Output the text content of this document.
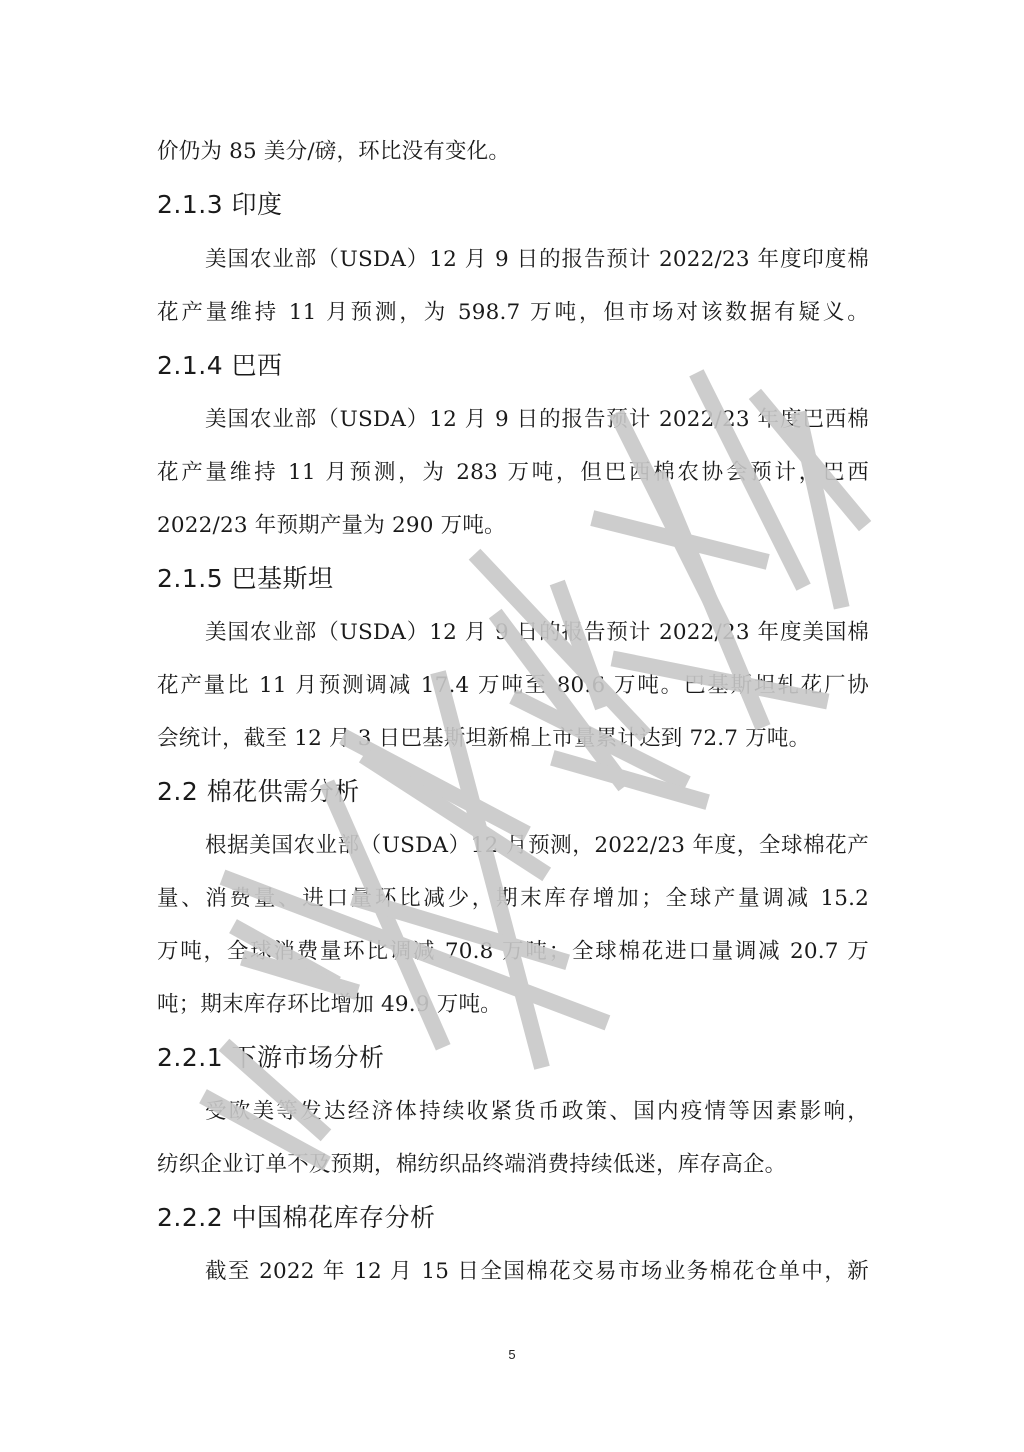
价仍为 85 美分/磅，环比没有变化。
2.1.3 印度
美国农业部（USDA）12 月 9 日的报告预计 2022/23 年度印度棉
花产量维持 11 月预测，为 598.7 万吨，但市场对该数据有疑义。
2.1.4 巴西
美国农业部（USDA）12 月 9 日的报告预计 2022/23 年度巴西棉
花产量维持 11 月预测，为 283 万吨，但巴西棉农协会预计，巴西
2022/23 年预期产量为 290 万吨。
2.1.5 巴基斯坦
美国农业部（USDA）12 月 9 日的报告预计 2022/23 年度美国棉
花产量比 11 月预测调减 17.4 万吨至 80.6 万吨。巴基斯坦轧花厂协
会统计，截至 12 月 3 日巴基斯坦新棉上市量累计达到 72.7 万吨。
2.2 棉花供需分析
根据美国农业部（USDA）12 月预测，2022/23 年度，全球棉花产
量、消费量、进口量环比减少，期末库存增加；全球产量调减 15.2
万吨，全球消费量环比调减 70.8 万吨；全球棉花进口量调减 20.7 万
吨；期末库存环比增加 49.9 万吨。
2.2.1 下游市场分析
受欧美等发达经济体持续收紧货币政策、国内疫情等因素影响，
纺织企业订单不及预期，棉纺织品终端消费持续低迷，库存高企。
2.2.2 中国棉花库存分析
截至 2022 年 12 月 15 日全国棉花交易市场业务棉花仓单中，新
5
